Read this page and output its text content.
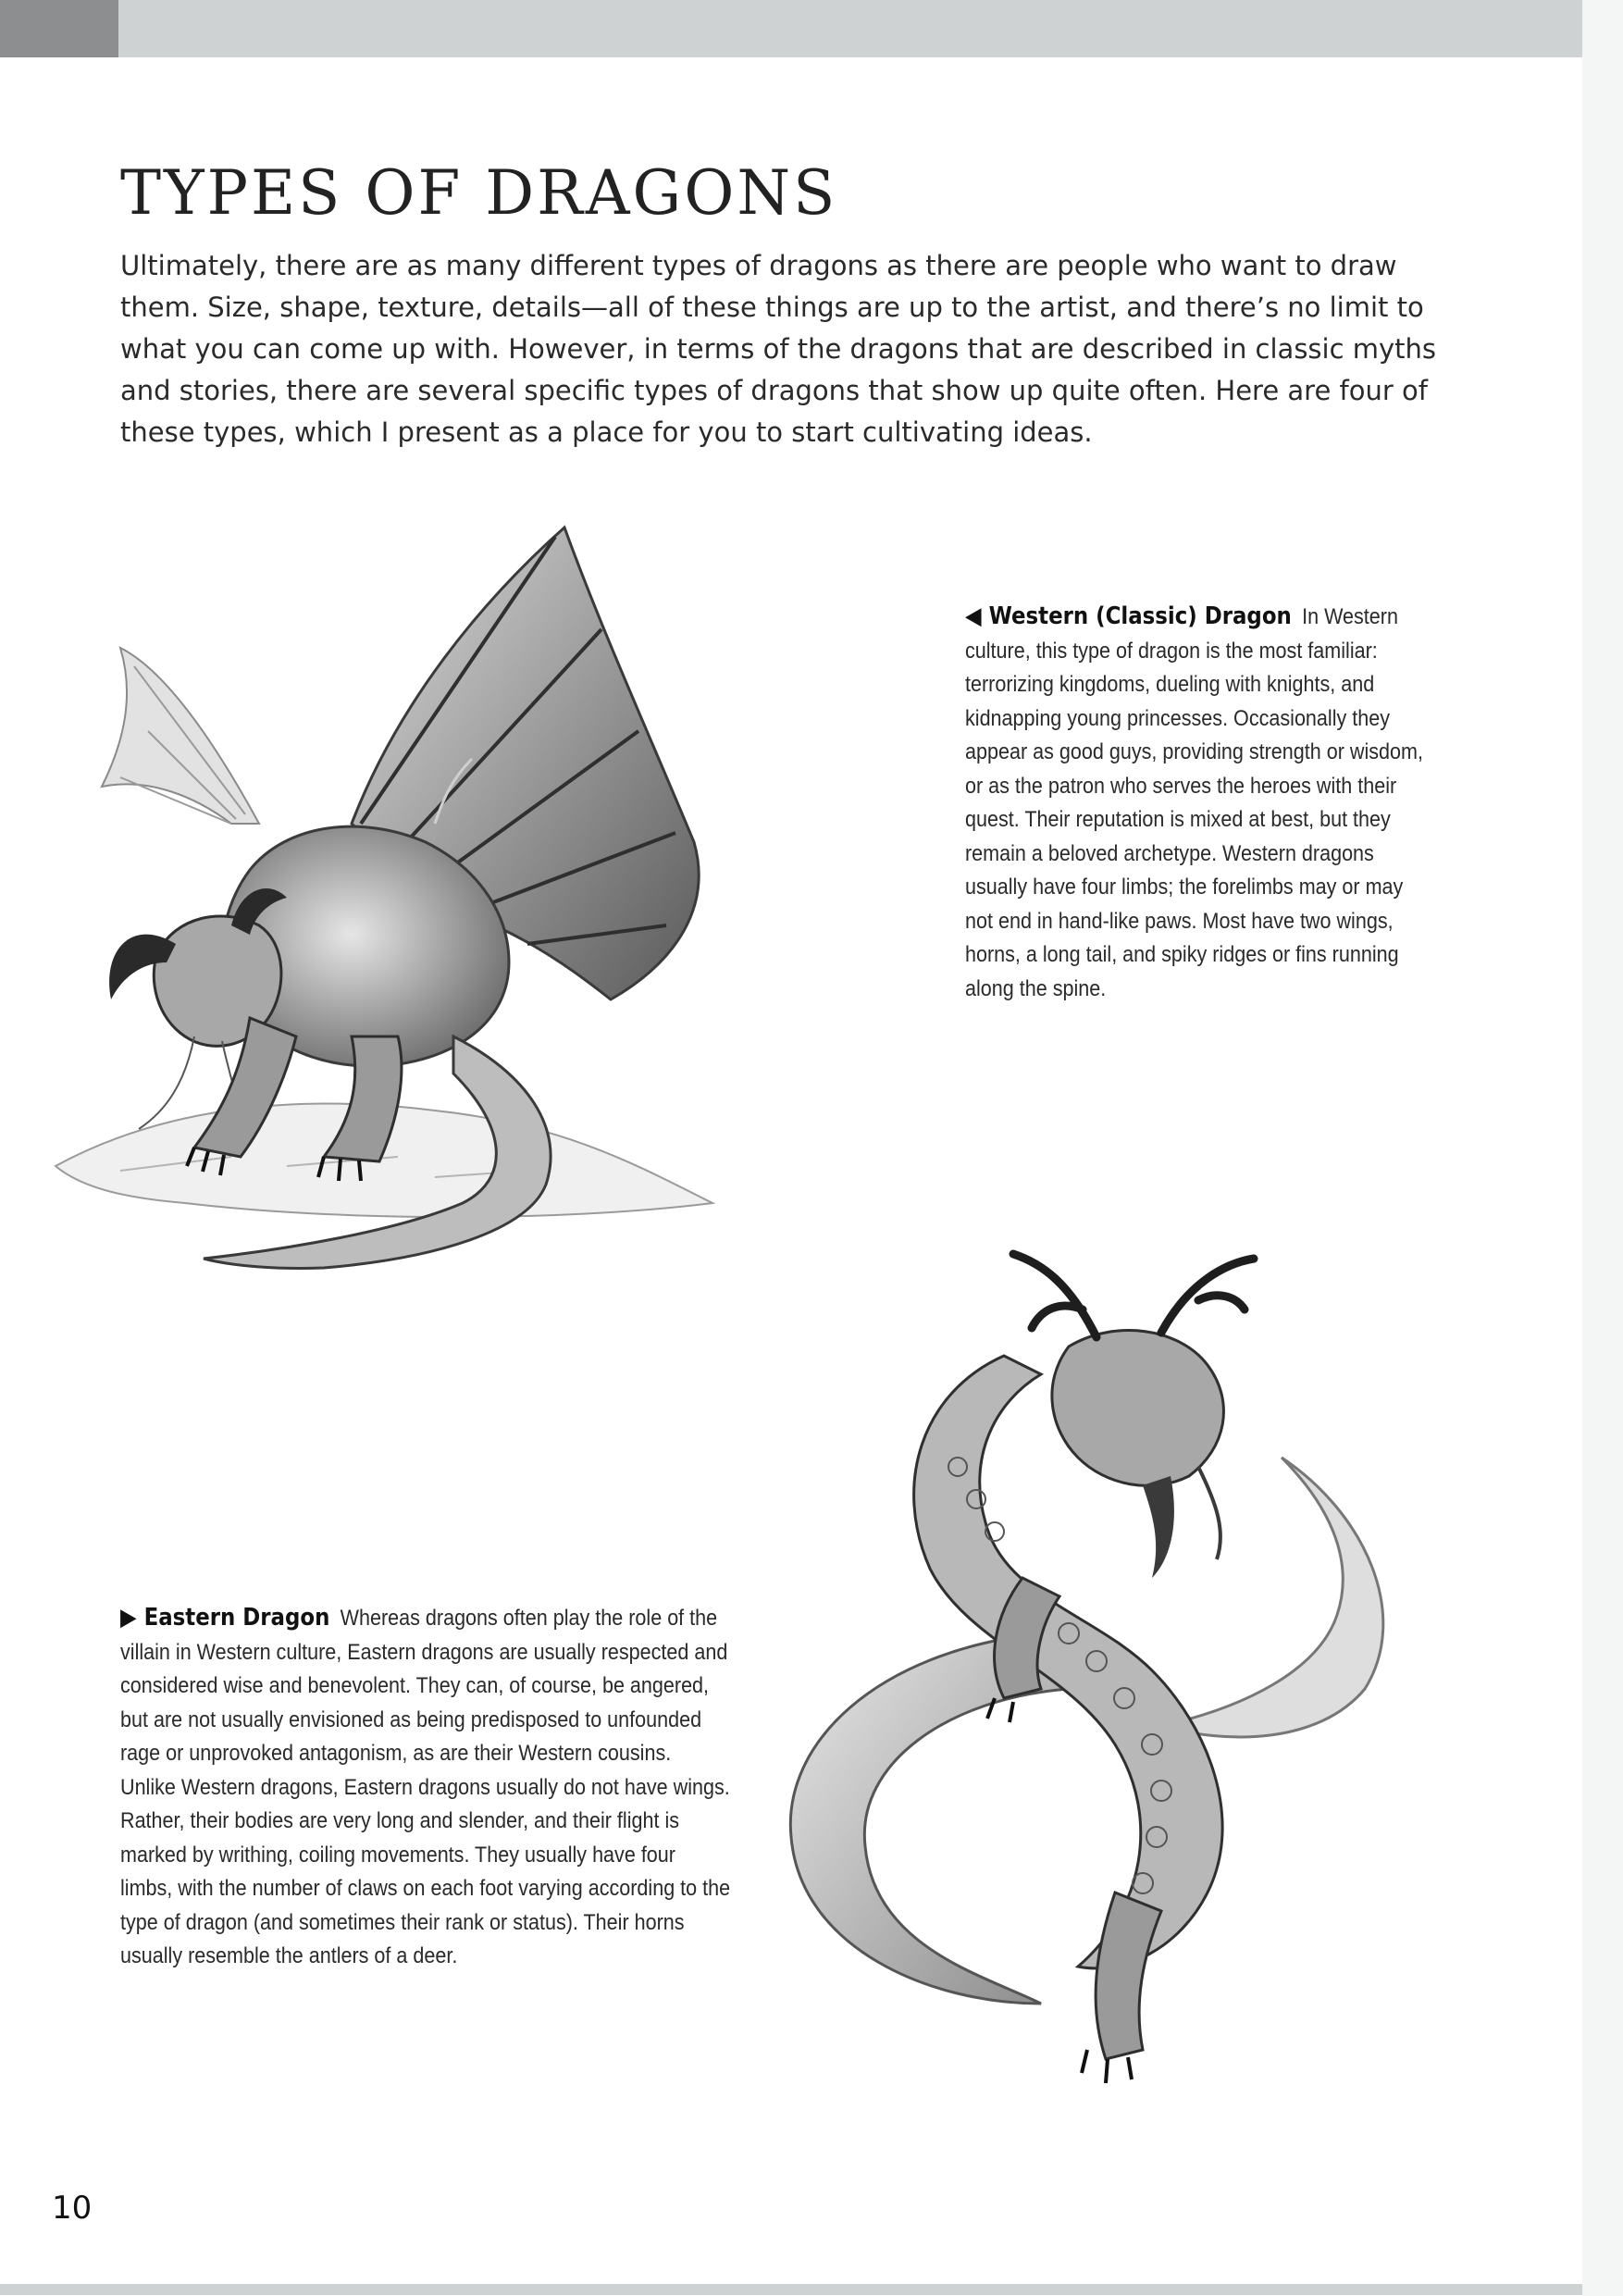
TYPES OF DRAGONS

Ultimately, there are as many different types of dragons as there are people who want to draw them. Size, shape, texture, details—all of these things are up to the artist, and there’s no limit to what you can come up with. However, in terms of the dragons that are described in classic myths and stories, there are several specific types of dragons that show up quite often. Here are four of these types, which I present as a place for you to start cultivating ideas.

◀ Western (Classic) Dragon In Western culture, this type of dragon is the most familiar: terrorizing kingdoms, dueling with knights, and kidnapping young princesses. Occasionally they appear as good guys, providing strength or wisdom, or as the patron who serves the heroes with their quest. Their reputation is mixed at best, but they remain a beloved archetype. Western dragons usually have four limbs; the forelimbs may or may not end in hand-like paws. Most have two wings, horns, a long tail, and spiky ridges or fins running along the spine.

▶ Eastern Dragon Whereas dragons often play the role of the villain in Western culture, Eastern dragons are usually respected and considered wise and benevolent. They can, of course, be angered, but are not usually envisioned as being predisposed to unfounded rage or unprovoked antagonism, as are their Western cousins. Unlike Western dragons, Eastern dragons usually do not have wings. Rather, their bodies are very long and slender, and their flight is marked by writhing, coiling movements. They usually have four limbs, with the number of claws on each foot varying according to the type of dragon (and sometimes their rank or status). Their horns usually resemble the antlers of a deer.

10
